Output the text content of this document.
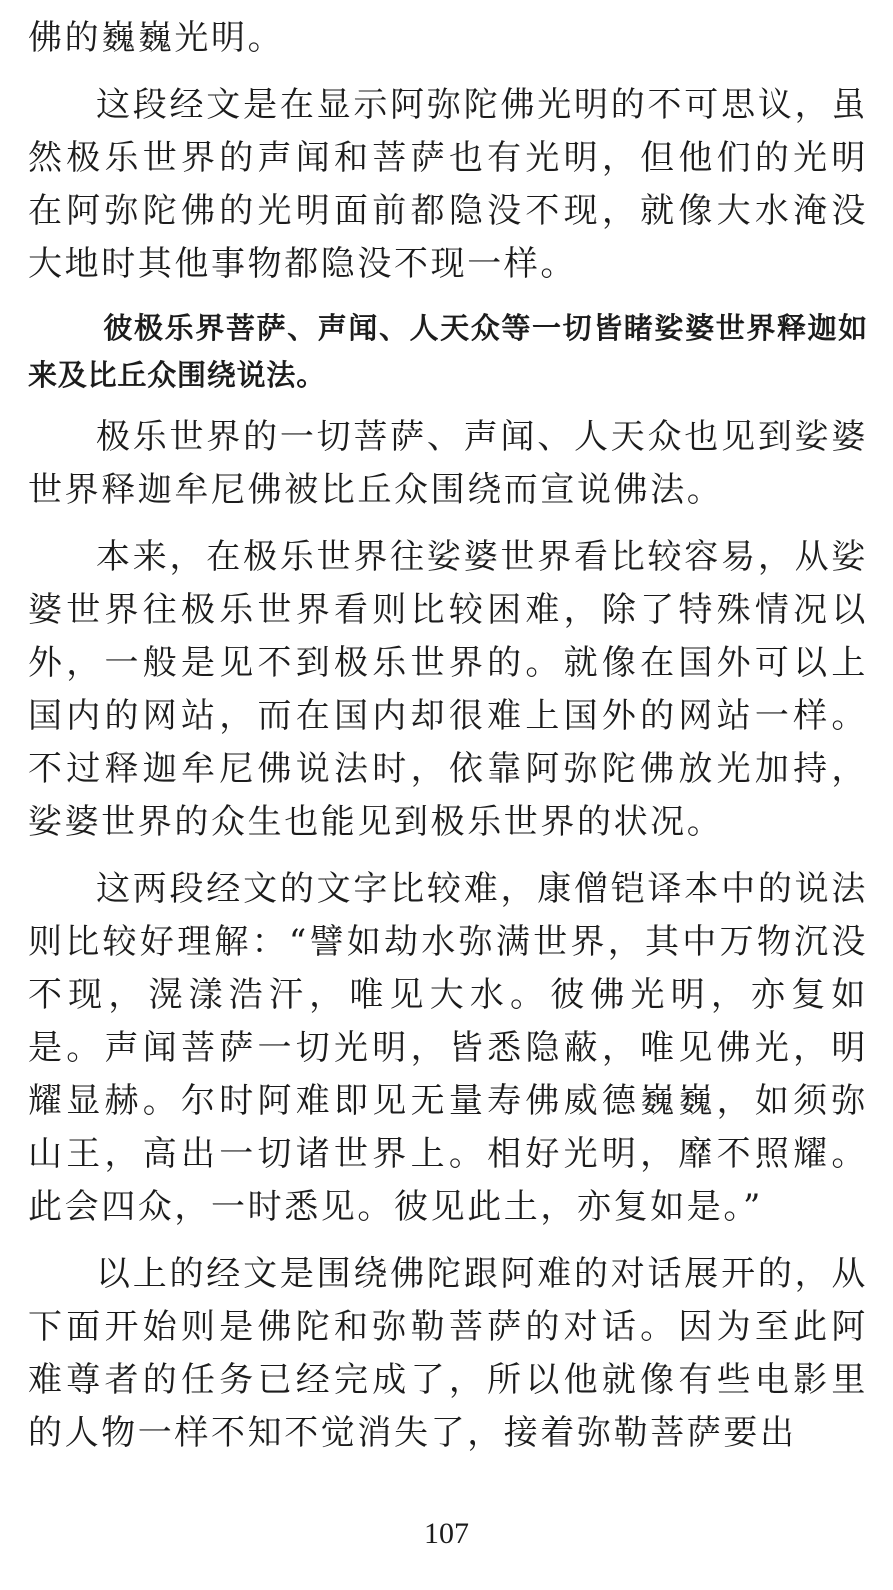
佛的巍巍光明。

这段经文是在显示阿弥陀佛光明的不可思议，虽然极乐世界的声闻和菩萨也有光明，但他们的光明在阿弥陀佛的光明面前都隐没不现，就像大水淹没大地时其他事物都隐没不现一样。

彼极乐界菩萨、声闻、人天众等一切皆睹娑婆世界释迦如来及比丘众围绕说法。

极乐世界的一切菩萨、声闻、人天众也见到娑婆世界释迦牟尼佛被比丘众围绕而宣说佛法。

本来，在极乐世界往娑婆世界看比较容易，从娑婆世界往极乐世界看则比较困难，除了特殊情况以外，一般是见不到极乐世界的。就像在国外可以上国内的网站，而在国内却很难上国外的网站一样。不过释迦牟尼佛说法时，依靠阿弥陀佛放光加持，娑婆世界的众生也能见到极乐世界的状况。

这两段经文的文字比较难，康僧铠译本中的说法则比较好理解：“譬如劫水弥满世界，其中万物沉没不现，滉漾浩汗，唯见大水。彼佛光明，亦复如是。声闻菩萨一切光明，皆悉隐蔽，唯见佛光，明耀显赫。尔时阿难即见无量寿佛威德巍巍，如须弥山王，高出一切诸世界上。相好光明，靡不照耀。此会四众，一时悉见。彼见此土，亦复如是。”

以上的经文是围绕佛陀跟阿难的对话展开的，从下面开始则是佛陀和弥勒菩萨的对话。因为至此阿难尊者的任务已经完成了，所以他就像有些电影里的人物一样不知不觉消失了，接着弥勒菩萨要出

107
